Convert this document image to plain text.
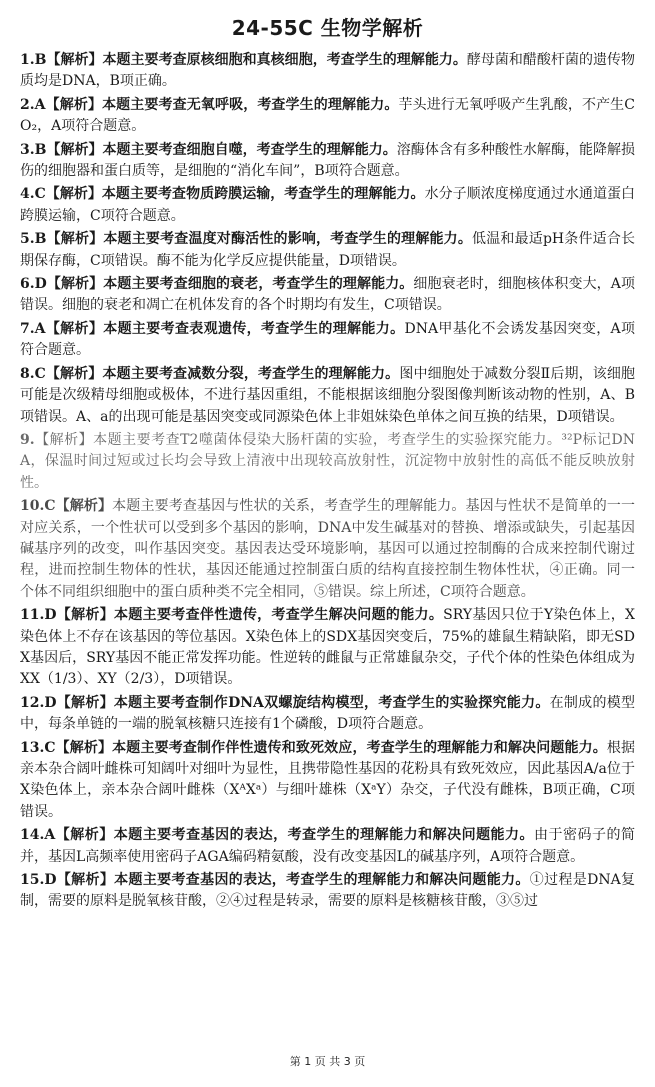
24-55C 生物学解析

1.B【解析】本题主要考查原核细胞和真核细胞，考查学生的理解能力。酵母菌和醋酸杆菌的遗传物质均是DNA，B项正确。

2.A【解析】本题主要考查无氧呼吸，考查学生的理解能力。芋头进行无氧呼吸产生乳酸，不产生CO₂，A项符合题意。

3.B【解析】本题主要考查细胞自噬，考查学生的理解能力。溶酶体含有多种酸性水解酶，能降解损伤的细胞器和蛋白质等，是细胞的“消化车间”，B项符合题意。

4.C【解析】本题主要考查物质跨膜运输，考查学生的理解能力。水分子顺浓度梯度通过水通道蛋白跨膜运输，C项符合题意。

5.B【解析】本题主要考查温度对酶活性的影响，考查学生的理解能力。低温和最适pH条件适合长期保存酶，C项错误。酶不能为化学反应提供能量，D项错误。

6.D【解析】本题主要考查细胞的衰老，考查学生的理解能力。细胞衰老时，细胞核体积变大，A项错误。细胞的衰老和凋亡在机体发育的各个时期均有发生，C项错误。

7.A【解析】本题主要考查表观遗传，考查学生的理解能力。DNA甲基化不会诱发基因突变，A项符合题意。

8.C【解析】本题主要考查减数分裂，考查学生的理解能力。图中细胞处于减数分裂Ⅱ后期，该细胞可能是次级精母细胞或极体，不进行基因重组，不能根据该细胞分裂图像判断该动物的性别，A、B项错误。A、a的出现可能是基因突变或同源染色体上非姐妹染色单体之间互换的结果，D项错误。

9.【解析】本题主要考查T2噬菌体侵染大肠杆菌的实验，考查学生的实验探究能力。³²P标记DNA，保温时间过短或过长均会导致上清液中出现较高放射性，沉淀物中放射性的高低不能反映放射性。

10.C【解析】本题主要考查基因与性状的关系，考查学生的理解能力。基因与性状不是简单的一一对应关系，一个性状可以受到多个基因的影响，DNA中发生碱基对的替换、增添或缺失，引起基因碱基序列的改变，叫作基因突变。基因表达受环境影响，基因可以通过控制酶的合成来控制代谢过程，进而控制生物体的性状，基因还能通过控制蛋白质的结构直接控制生物体性状，④正确。同一个体不同组织细胞中的蛋白质种类不完全相同，⑤错误。综上所述，C项符合题意。

11.D【解析】本题主要考查伴性遗传，考查学生解决问题的能力。SRY基因只位于Y染色体上，X染色体上不存在该基因的等位基因。X染色体上的SDX基因突变后，75%的雄鼠生精缺陷，即无SDX基因后，SRY基因不能正常发挥功能。性逆转的雌鼠与正常雄鼠杂交，子代个体的性染色体组成为XX（1/3）、XY（2/3），D项错误。

12.D【解析】本题主要考查制作DNA双螺旋结构模型，考查学生的实验探究能力。在制成的模型中，每条单链的一端的脱氧核糖只连接有1个磷酸，D项符合题意。

13.C【解析】本题主要考查制作伴性遗传和致死效应，考查学生的理解能力和解决问题能力。根据亲本杂合阔叶雌株可知阔叶对细叶为显性，且携带隐性基因的花粉具有致死效应，因此基因A/a位于X染色体上，亲本杂合阔叶雌株（XᴬXᵃ）与细叶雄株（XᵃY）杂交，子代没有雌株，B项正确，C项错误。

14.A【解析】本题主要考查基因的表达，考查学生的理解能力和解决问题能力。由于密码子的简并，基因L高频率使用密码子AGA编码精氨酸，没有改变基因L的碱基序列，A项符合题意。

15.D【解析】本题主要考查基因的表达，考查学生的理解能力和解决问题能力。①过程是DNA复制，需要的原料是脱氧核苷酸，②④过程是转录，需要的原料是核糖核苷酸，③⑤过

第 1 页 共 3 页
